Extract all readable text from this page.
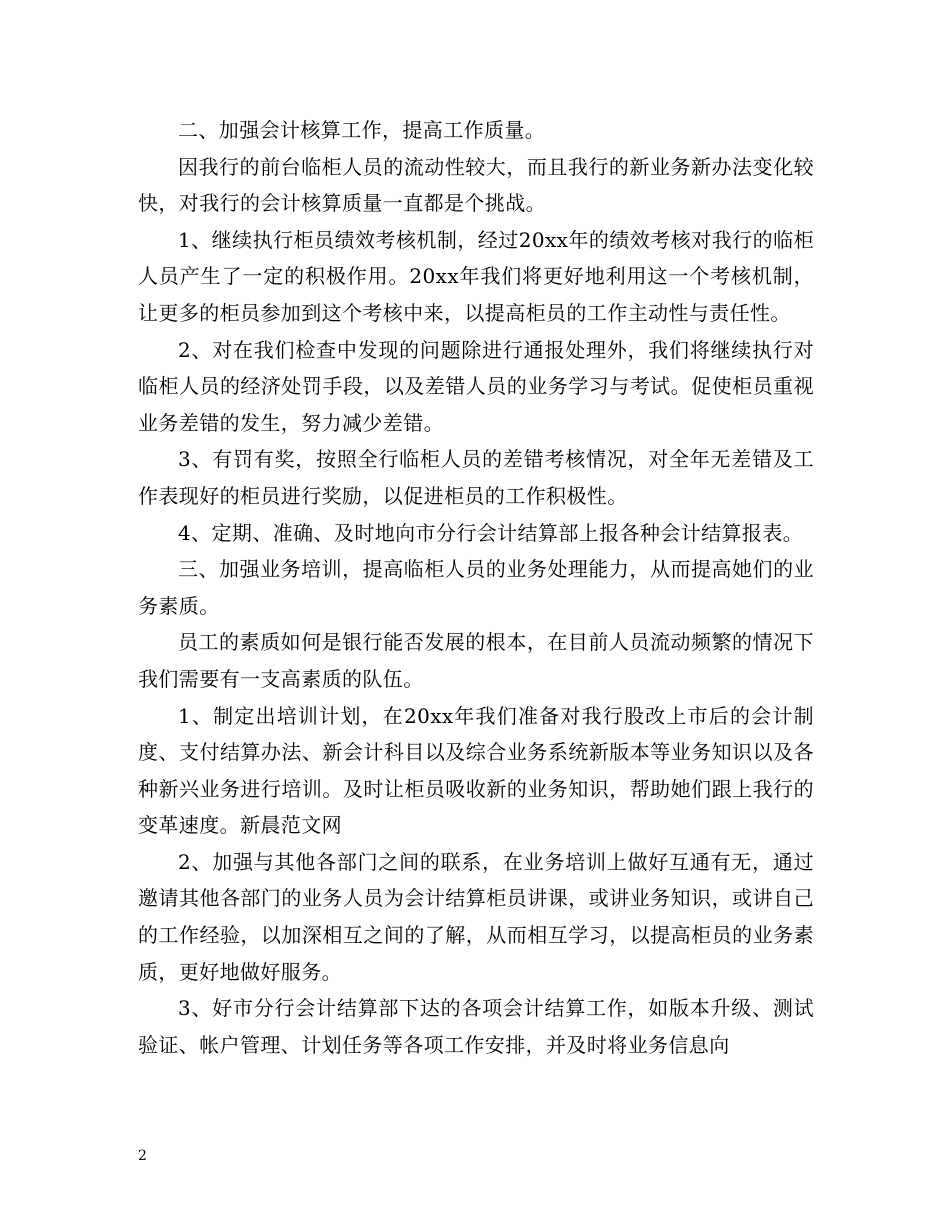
二、加强会计核算工作，提高工作质量。

因我行的前台临柜人员的流动性较大，而且我行的新业务新办法变化较快，对我行的会计核算质量一直都是个挑战。

1、继续执行柜员绩效考核机制，经过20xx年的绩效考核对我行的临柜人员产生了一定的积极作用。20xx年我们将更好地利用这一个考核机制，让更多的柜员参加到这个考核中来，以提高柜员的工作主动性与责任性。

2、对在我们检查中发现的问题除进行通报处理外，我们将继续执行对临柜人员的经济处罚手段，以及差错人员的业务学习与考试。促使柜员重视业务差错的发生，努力减少差错。

3、有罚有奖，按照全行临柜人员的差错考核情况，对全年无差错及工作表现好的柜员进行奖励，以促进柜员的工作积极性。

4、定期、准确、及时地向市分行会计结算部上报各种会计结算报表。

三、加强业务培训，提高临柜人员的业务处理能力，从而提高她们的业务素质。

员工的素质如何是银行能否发展的根本，在目前人员流动频繁的情况下我们需要有一支高素质的队伍。

1、制定出培训计划，在20xx年我们准备对我行股改上市后的会计制度、支付结算办法、新会计科目以及综合业务系统新版本等业务知识以及各种新兴业务进行培训。及时让柜员吸收新的业务知识，帮助她们跟上我行的变革速度。新晨范文网

2、加强与其他各部门之间的联系，在业务培训上做好互通有无，通过邀请其他各部门的业务人员为会计结算柜员讲课，或讲业务知识，或讲自己的工作经验，以加深相互之间的了解，从而相互学习，以提高柜员的业务素质，更好地做好服务。

3、好市分行会计结算部下达的各项会计结算工作，如版本升级、测试验证、帐户管理、计划任务等各项工作安排，并及时将业务信息向

2
